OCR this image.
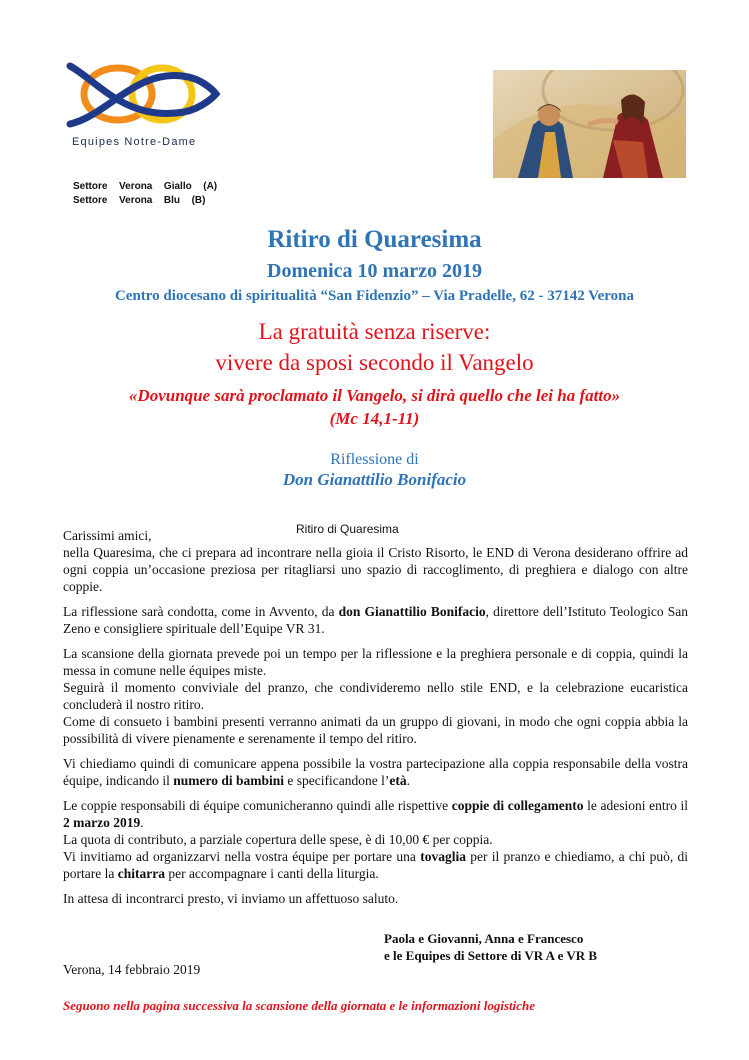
Equipes Notre-Dame
Settore  Verona  Giallo  (A)
Settore  Verona  Blu  (B)
Ritiro di Quaresima
Domenica 10 marzo 2019
Centro diocesano di spiritualità “San Fidenzio” – Via Pradelle, 62 - 37142 Verona
La gratuità senza riserve:
vivere da sposi secondo il Vangelo
«Dovunque sarà proclamato il Vangelo, si dirà quello che lei ha fatto»
(Mc 14,1-11)
Riflessione di
Don Gianattilio Bonifacio
Ritiro di Quaresima

Carissimi amici,
nella Quaresima, che ci prepara ad incontrare nella gioia il Cristo Risorto, le END di Verona desiderano offrire ad ogni coppia un’occasione preziosa per ritagliarsi uno spazio di raccoglimento, di preghiera e dialogo con altre coppie.

La riflessione sarà condotta, come in Avvento, da don Gianattilio Bonifacio, direttore dell’Istituto Teologico San Zeno e consigliere spirituale dell’Equipe VR 31.

La scansione della giornata prevede poi un tempo per la riflessione e la preghiera personale e di coppia, quindi la messa in comune nelle équipes miste.
Seguirà il momento conviviale del pranzo, che condivideremo nello stile END, e la celebrazione eucaristica concluderà il nostro ritiro.
Come di consueto i bambini presenti verranno animati da un gruppo di giovani, in modo che ogni coppia abbia la possibilità di vivere pienamente e serenamente il tempo del ritiro.

Vi chiediamo quindi di comunicare appena possibile la vostra partecipazione alla coppia responsabile della vostra équipe, indicando il numero di bambini e specificandone l’età.

Le coppie responsabili di équipe comunicheranno quindi alle rispettive coppie di collegamento le adesioni entro il 2 marzo 2019.
La quota di contributo, a parziale copertura delle spese, è di 10,00 € per coppia.
Vi invitiamo ad organizzarvi nella vostra équipe per portare una tovaglia per il pranzo e chiediamo, a chi può, di portare la chitarra per accompagnare i canti della liturgia.

In attesa di incontrarci presto, vi inviamo un affettuoso saluto.

Paola e Giovanni, Anna e Francesco
e le Equipes di Settore di VR A e VR B
Verona, 14 febbraio 2019
Seguono nella pagina successiva la scansione della giornata e le informazioni logistiche
